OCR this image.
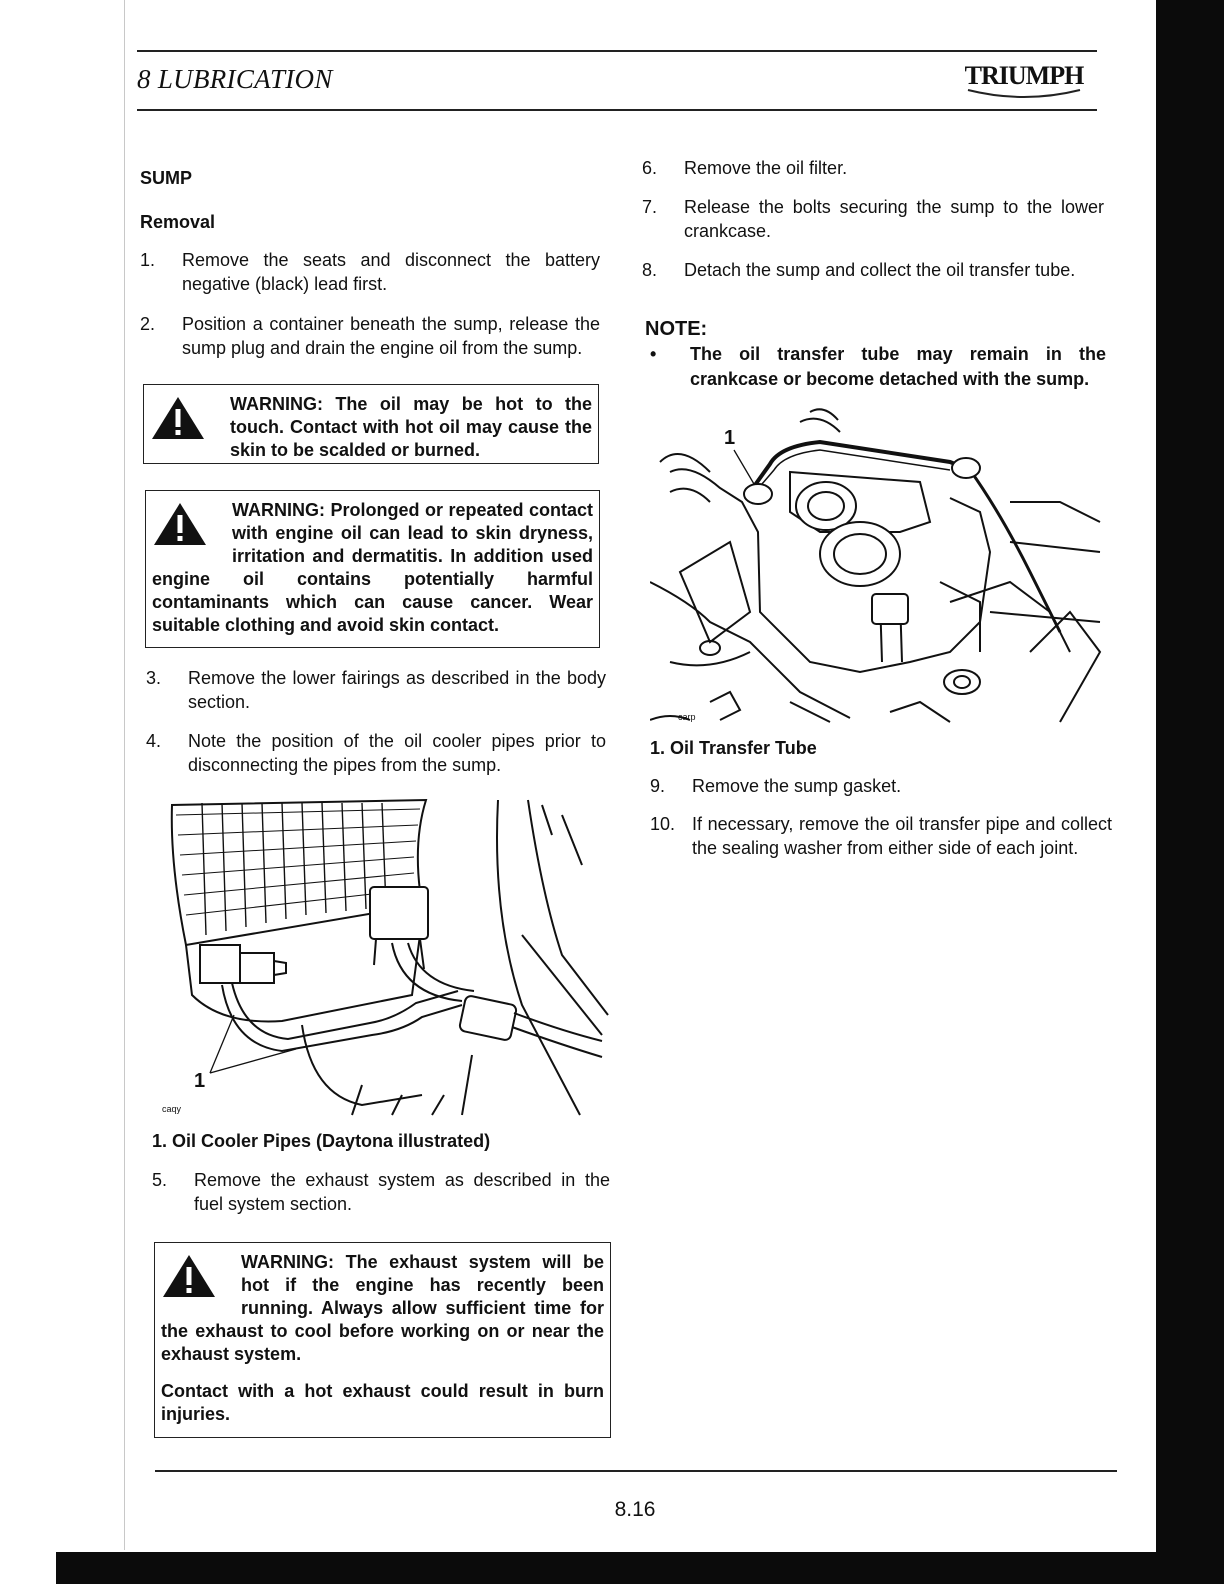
8 LUBRICATION	TRIUMPH
SUMP
Removal
1.	Remove the seats and disconnect the battery negative (black) lead first.
2.	Position a container beneath the sump, release the sump plug and drain the engine oil from the sump.

WARNING: The oil may be hot to the touch. Contact with hot oil may cause the skin to be scalded or burned.

WARNING: Prolonged or repeated contact with engine oil can lead to skin dryness, irritation and dermatitis. In addition used engine oil contains potentially harmful contaminants which can cause cancer. Wear suitable clothing and avoid skin contact.

3.	Remove the lower fairings as described in the body section.
4.	Note the position of the oil cooler pipes prior to disconnecting the pipes from the sump.
1
caqy
1. Oil Cooler Pipes (Daytona illustrated)
5.	Remove the exhaust system as described in the fuel system section.

WARNING: The exhaust system will be hot if the engine has recently been running. Always allow sufficient time for the exhaust to cool before working on or near the exhaust system.

Contact with a hot exhaust could result in burn injuries.

6.	Remove the oil filter.
7.	Release the bolts securing the sump to the lower crankcase.
8.	Detach the sump and collect the oil transfer tube.
NOTE:
•	The oil transfer tube may remain in the crankcase or become detached with the sump.
1
carp
1. Oil Transfer Tube
9.	Remove the sump gasket.
10. If necessary, remove the oil transfer pipe and collect the sealing washer from either side of each joint.
8.16
